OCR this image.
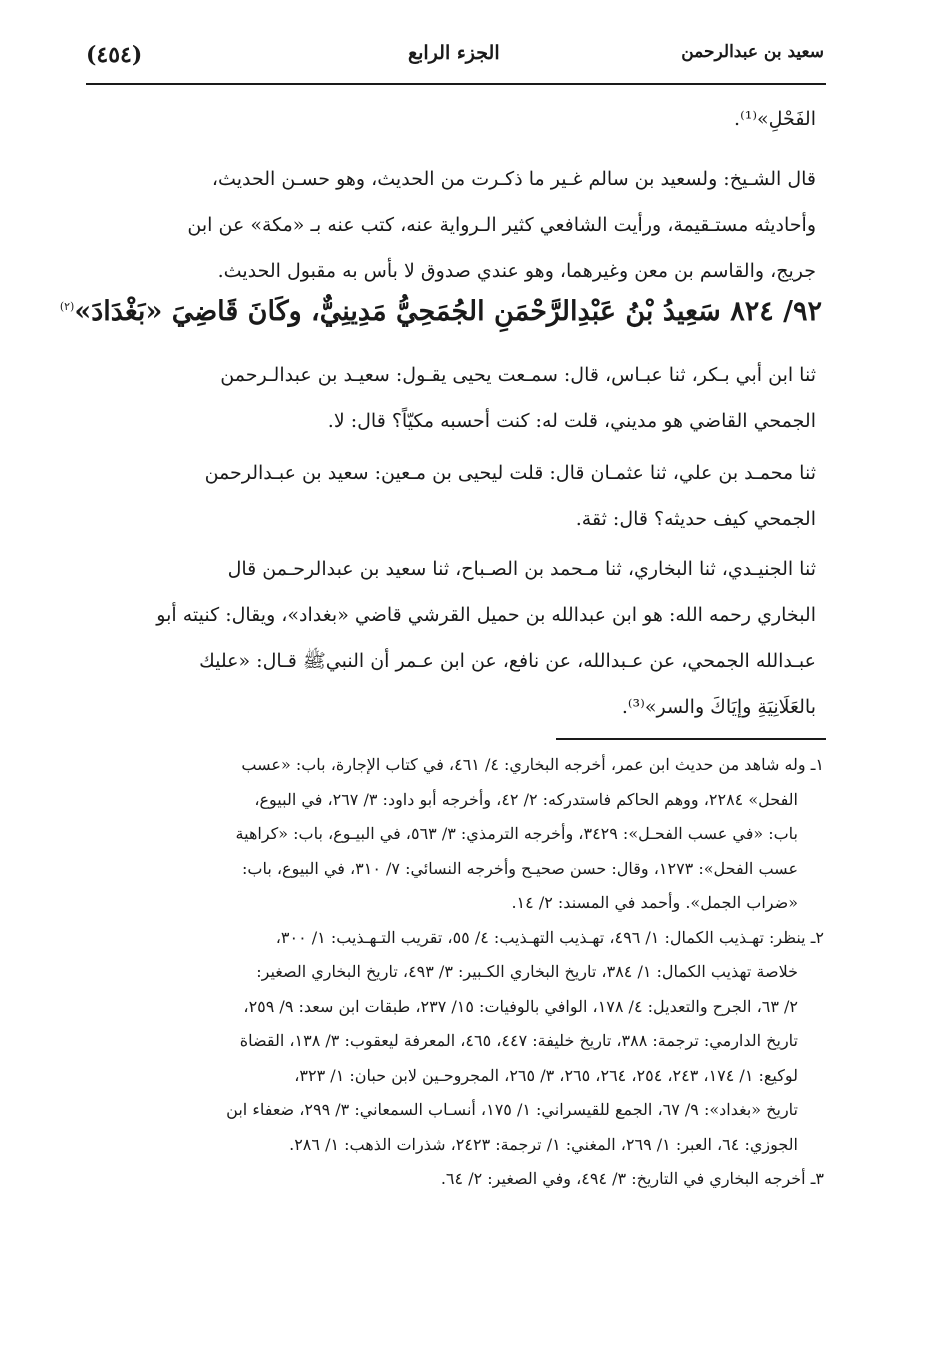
(٤٥٤)	الجزء الرابع	سعيد بن عبدالرحمن

الفَحْلِ»⁽¹⁾.

قال الشـيخ: ولسعيد بن سالم غـير ما ذكـرت من الحديث، وهو حسـن الحديث،
وأحاديثه مستـقيمة، ورأيت الشافعي كثير الـرواية عنه، كتب عنه بـ «مكة» عن ابن
جريج، والقاسم بن معن وغيرهما، وهو عندي صدوق لا بأس به مقبول الحديث.

٩٢/ ٨٢٤ سَعِيدُ بْنُ عَبْدِالرَّحْمَنِ الجُمَحِيُّ مَدِينِيٌّ، وكَانَ قَاضِيَ «بَغْدَادَ»$^{(٢)}$

ثنا ابن أبي بـكر، ثنا عبـاس، قال: سمـعت يحيى يقـول: سعيـد بن عبدالـرحمن
الجمحي القاضي هو مديني، قلت له: كنت أحسبه مكيّاً؟ قال: لا.

ثنا محمـد بن علي، ثنا عثمـان قال: قلت ليحيى بن مـعين: سعيد بن عبـدالرحمن
الجمحي كيف حديثه؟ قال: ثقة.

ثنا الجنيـدي، ثنا البخاري، ثنا مـحمد بن الصـباح، ثنا سعيد بن عبدالرحـمن قال
البخاري رحمه الله: هو ابن عبدالله بن حميل القرشي قاضي «بغداد»، ويقال: كنيته أبو
عبـدالله الجمحي، عن عـبدالله، عن نافع، عن ابن عـمر أن النبيﷺ قـال: «عليك
بالعَلَانِيَةِ وإيَاكَ والسر»⁽³⁾.

١ـ وله شاهد من حديث ابن عمر، أخرجه البخاري: ٤/ ٤٦١، في كتاب الإجارة، باب: «عسب
الفحل» ٢٢٨٤، ووهم الحاكم فاستدركه: ٢/ ٤٢، وأخرجه أبو داود: ٣/ ٢٦٧، في البيوع،
باب: «في عسب الفحـل»: ٣٤٢٩، وأخرجه الترمذي: ٣/ ٥٦٣، في البيـوع، باب: «كراهية
عسب الفحل»: ١٢٧٣، وقال: حسن صحيـح وأخرجه النسائي: ٧/ ٣١٠، في البيوع، باب:
«ضراب الجمل». وأحمد في المسند: ٢/ ١٤.

٢ـ ينظر: تهـذيب الكمال: ١/ ٤٩٦، تهـذيب التهـذيب: ٤/ ٥٥، تقريب التـهـذيب: ١/ ٣٠٠،
خلاصة تهذيب الكمال: ١/ ٣٨٤، تاريخ البخاري الكـبير: ٣/ ٤٩٣، تاريخ البخاري الصغير:
٢/ ٦٣، الجرح والتعديل: ٤/ ١٧٨، الوافي بالوفيات: ١٥/ ٢٣٧، طبقات ابن سعد: ٩/ ٢٥٩،
تاريخ الدارمي: ترجمة: ٣٨٨، تاريخ خليفة: ٤٤٧، ٤٦٥، المعرفة ليعقوب: ٣/ ١٣٨، القضاة
لوكيع: ١/ ١٧٤، ٢٤٣، ٢٥٤، ٢٦٤، ٢٦٥، ٣/ ٢٦٥، المجروحـين لابن حبان: ١/ ٣٢٣،
تاريخ «بغداد»: ٩/ ٦٧، الجمع للقيسراني: ١/ ١٧٥، أنسـاب السمعاني: ٣/ ٢٩٩، ضعفاء ابن
الجوزي: ٦٤، العبر: ١/ ٢٦٩، المغني: ١/ ترجمة: ٢٤٢٣، شذرات الذهب: ١/ ٢٨٦.

٣ـ أخرجه البخاري في التاريخ: ٣/ ٤٩٤، وفي الصغير: ٢/ ٦٤.
